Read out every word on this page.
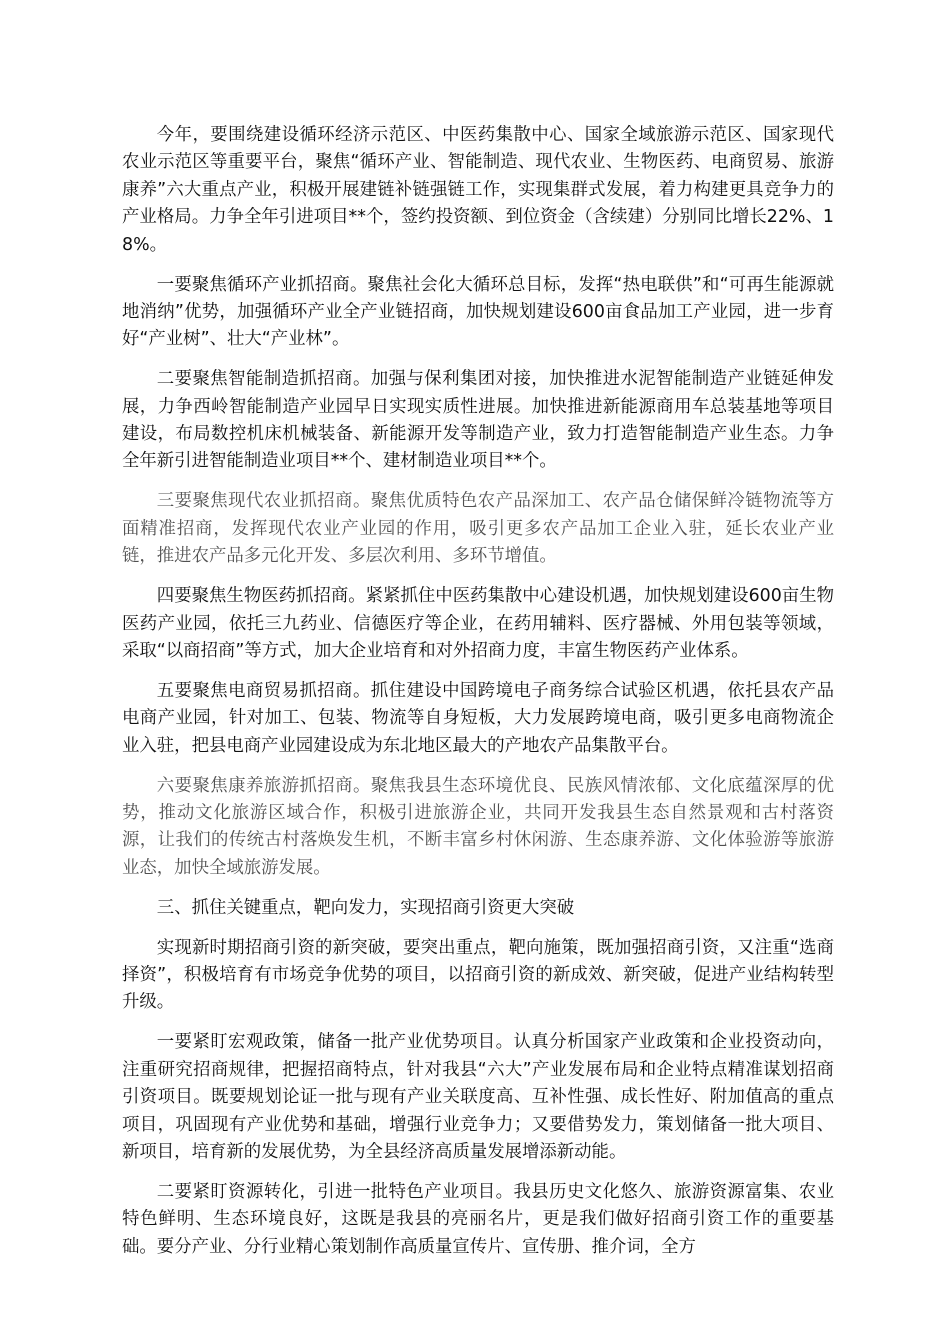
今年，要围绕建设循环经济示范区、中医药集散中心、国家全域旅游示范区、国家现代农业示范区等重要平台，聚焦“循环产业、智能制造、现代农业、生物医药、电商贸易、旅游康养”六大重点产业，积极开展建链补链强链工作，实现集群式发展，着力构建更具竞争力的产业格局。力争全年引进项目**个，签约投资额、到位资金（含续建）分别同比增长22%、18%。

一要聚焦循环产业抓招商。聚焦社会化大循环总目标，发挥“热电联供”和“可再生能源就地消纳”优势，加强循环产业全产业链招商，加快规划建设600亩食品加工产业园，进一步育好“产业树”、壮大“产业林”。

二要聚焦智能制造抓招商。加强与保利集团对接，加快推进水泥智能制造产业链延伸发展，力争西岭智能制造产业园早日实现实质性进展。加快推进新能源商用车总装基地等项目建设，布局数控机床机械装备、新能源开发等制造产业，致力打造智能制造产业生态。力争全年新引进智能制造业项目**个、建材制造业项目**个。

三要聚焦现代农业抓招商。聚焦优质特色农产品深加工、农产品仓储保鲜冷链物流等方面精准招商，发挥现代农业产业园的作用，吸引更多农产品加工企业入驻，延长农业产业链，推进农产品多元化开发、多层次利用、多环节增值。

四要聚焦生物医药抓招商。紧紧抓住中医药集散中心建设机遇，加快规划建设600亩生物医药产业园，依托三九药业、信德医疗等企业，在药用辅料、医疗器械、外用包装等领域，采取“以商招商”等方式，加大企业培育和对外招商力度，丰富生物医药产业体系。

五要聚焦电商贸易抓招商。抓住建设中国跨境电子商务综合试验区机遇，依托县农产品电商产业园，针对加工、包装、物流等自身短板，大力发展跨境电商，吸引更多电商物流企业入驻，把县电商产业园建设成为东北地区最大的产地农产品集散平台。

六要聚焦康养旅游抓招商。聚焦我县生态环境优良、民族风情浓郁、文化底蕴深厚的优势，推动文化旅游区域合作，积极引进旅游企业，共同开发我县生态自然景观和古村落资源，让我们的传统古村落焕发生机，不断丰富乡村休闲游、生态康养游、文化体验游等旅游业态，加快全域旅游发展。

三、抓住关键重点，靶向发力，实现招商引资更大突破

实现新时期招商引资的新突破，要突出重点，靶向施策，既加强招商引资，又注重“选商择资”，积极培育有市场竞争优势的项目，以招商引资的新成效、新突破，促进产业结构转型升级。

一要紧盯宏观政策，储备一批产业优势项目。认真分析国家产业政策和企业投资动向，注重研究招商规律，把握招商特点，针对我县“六大”产业发展布局和企业特点精准谋划招商引资项目。既要规划论证一批与现有产业关联度高、互补性强、成长性好、附加值高的重点项目，巩固现有产业优势和基础，增强行业竞争力；又要借势发力，策划储备一批大项目、新项目，培育新的发展优势，为全县经济高质量发展增添新动能。

二要紧盯资源转化，引进一批特色产业项目。我县历史文化悠久、旅游资源富集、农业特色鲜明、生态环境良好，这既是我县的亮丽名片，更是我们做好招商引资工作的重要基础。要分产业、分行业精心策划制作高质量宣传片、宣传册、推介词，全方
